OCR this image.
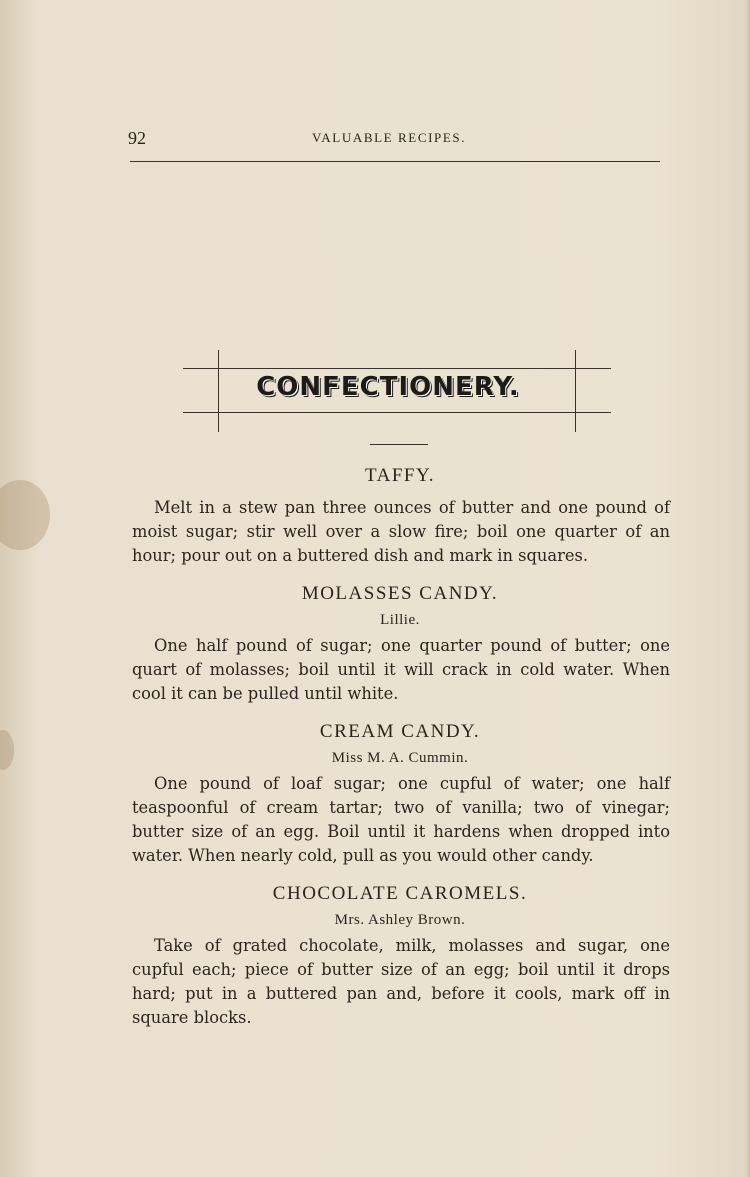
92	VALUABLE RECIPES.
CONFECTIONERY.
TAFFY.

Melt in a stew pan three ounces of butter and one pound of moist sugar; stir well over a slow fire; boil one quarter of an hour; pour out on a buttered dish and mark in squares.

MOLASSES CANDY.
Lillie.

One half pound of sugar; one quarter pound of butter; one quart of molasses; boil until it will crack in cold water. When cool it can be pulled until white.

CREAM CANDY.
Miss M. A. Cummin.

One pound of loaf sugar; one cupful of water; one half teaspoonful of cream tartar; two of vanilla; two of vinegar; butter size of an egg. Boil until it hardens when dropped into water. When nearly cold, pull as you would other candy.

CHOCOLATE CAROMELS.
Mrs. Ashley Brown.

Take of grated chocolate, milk, molasses and sugar, one cupful each; piece of butter size of an egg; boil until it drops hard; put in a buttered pan and, before it cools, mark off in square blocks.
